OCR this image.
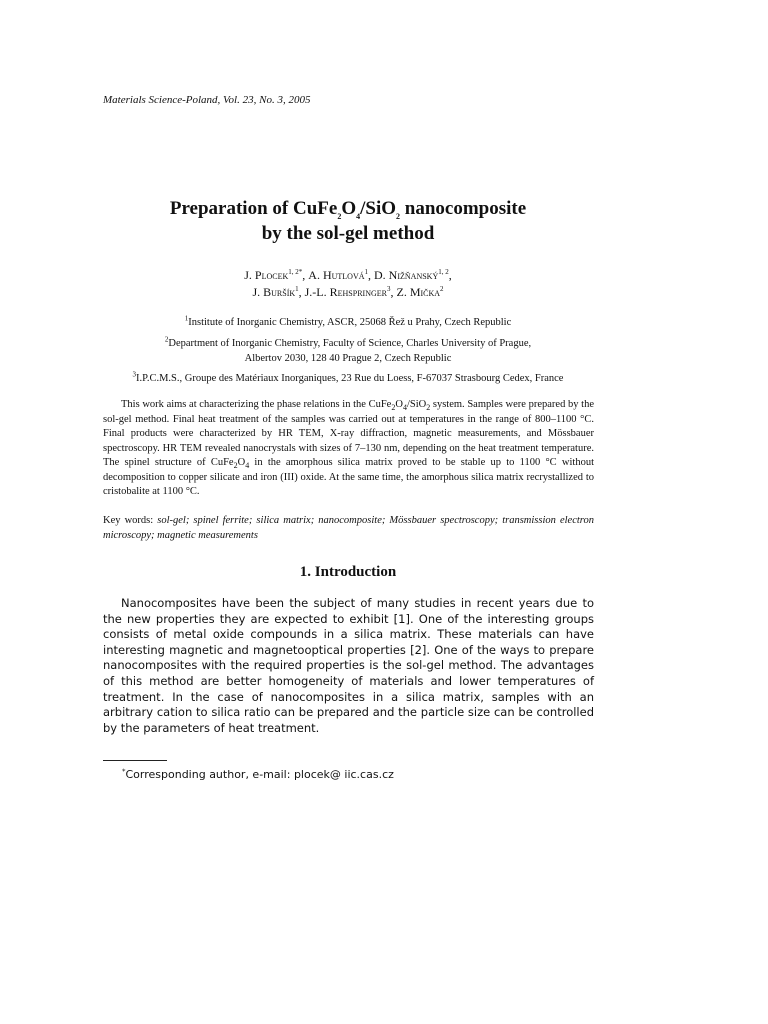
Materials Science-Poland, Vol. 23, No. 3, 2005
Preparation of $CuFe_2O_4/SiO_2$ nanocomposite
by the sol-gel method
J. Plocek$^{1, 2*}$, A. Hutlová$^1$, D. Nižňanský$^{1, 2}$,
J. Buršík$^1$, J.-L. Rehspringer$^3$, Z. Mička$^2$
$^1$Institute of Inorganic Chemistry, ASCR, 25068 Řež u Prahy, Czech Republic
$^2$Department of Inorganic Chemistry, Faculty of Science, Charles University of Prague,
Albertov 2030, 128 40 Prague 2, Czech Republic
$^3$I.P.C.M.S., Groupe des Matériaux Inorganiques, 23 Rue du Loess, F-67037 Strasbourg Cedex, France
This work aims at characterizing the phase relations in the $CuFe_2O_4/SiO_2$ system. Samples were prepared by the sol-gel method. Final heat treatment of the samples was carried out at temperatures in the range of 800–1100 °C. Final products were characterized by HR TEM, X-ray diffraction, magnetic measurements, and Mössbauer spectroscopy. HR TEM revealed nanocrystals with sizes of 7–130 nm, depending on the heat treatment temperature. The spinel structure of $CuFe_2O_4$ in the amorphous silica matrix proved to be stable up to 1100 °C without decomposition to copper silicate and iron (III) oxide. At the same time, the amorphous silica matrix recrystallized to cristobalite at 1100 °C.
Key words: sol-gel; spinel ferrite; silica matrix; nanocomposite; Mössbauer spectroscopy; transmission electron microscopy; magnetic measurements
1. Introduction
Nanocomposites have been the subject of many studies in recent years due to the new properties they are expected to exhibit [1]. One of the interesting groups consists of metal oxide compounds in a silica matrix. These materials can have interesting magnetic and magnetooptical properties [2]. One of the ways to prepare nanocomposites with the required properties is the sol-gel method. The advantages of this method are better homogeneity of materials and lower temperatures of treatment. In the case of nanocomposites in a silica matrix, samples with an arbitrary cation to silica ratio can be prepared and the particle size can be controlled by the parameters of heat treatment.
*Corresponding author, e-mail: plocek@ iic.cas.cz
